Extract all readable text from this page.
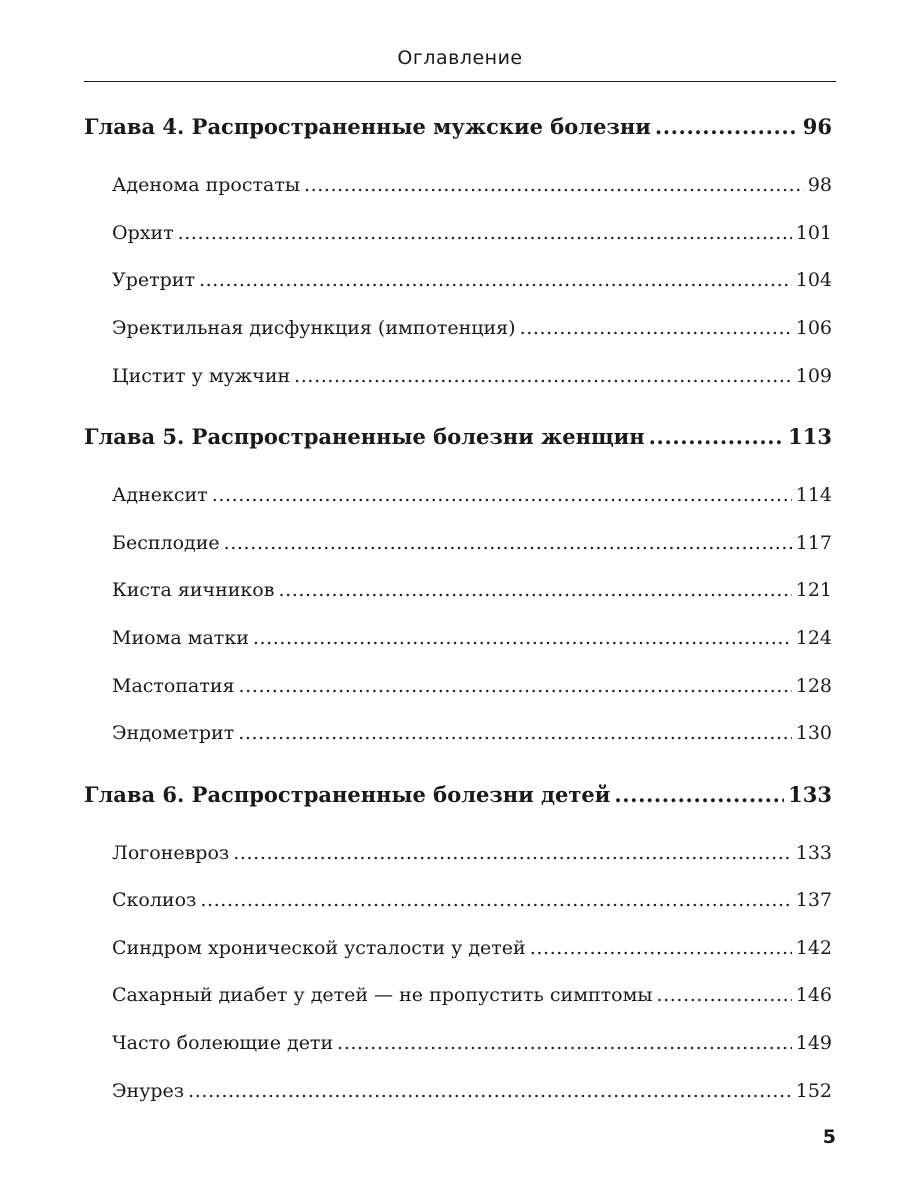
Оглавление
Глава 4. Распространенные мужские болезни .....	96
Аденома простаты .....	98
Орхит .....	101
Уретрит .....	104
Эректильная дисфункция (импотенция) .....	106
Цистит у мужчин .....	109
Глава 5. Распространенные болезни женщин .....	113
Аднексит .....	114
Бесплодие .....	117
Киста яичников .....	121
Миома матки .....	124
Мастопатия .....	128
Эндометрит .....	130
Глава 6. Распространенные болезни детей .....	133
Логоневроз .....	133
Сколиоз .....	137
Синдром хронической усталости у детей .....	142
Сахарный диабет у детей — не пропустить симптомы .....	146
Часто болеющие дети .....	149
Энурез .....	152
5
